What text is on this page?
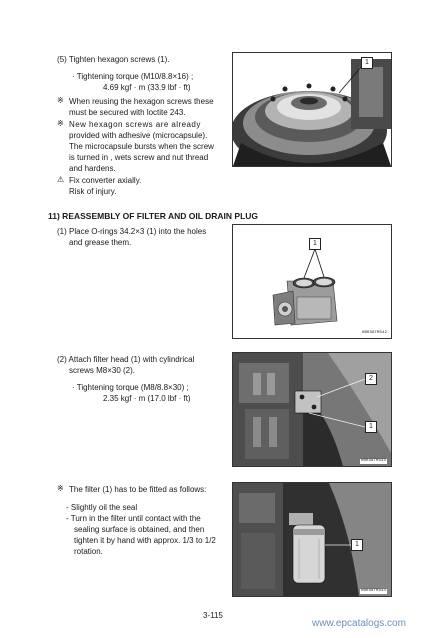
(5) Tighten hexagon screws (1).
· Tightening torque (M10/8.8×16) ;
4.69 kgf · m (33.9 lbf · ft)
※ When reusing the hexagon screws these
must be secured with loctite 243.
※ New hexagon screws are already
provided with adhesive (microcapsule).
The microcapsule bursts when the screw
is turned in , wets screw and nut thread
and hardens.
⚠ Fix converter axially.
Risk of injury.
1
HBR38TM341
11) REASSEMBLY OF FILTER AND OIL DRAIN PLUG
(1) Place O-rings 34.2×3 (1) into the holes
and grease them.	1
HBR38TM342
(2) Attach filter head (1) with cylindrical
screws M8×30 (2).
· Tightening torque (M8/8.8×30) ;
2.35 kgf · m (17.0 lbf · ft)
2
1
HBR38TM343
※ The filter (1) has to be fitted as follows:
- Slightly oil the seal
- Turn in the filter until contact with the
sealing surface is obtained, and then
tighten it by hand with approx. 1/3 to 1/2
rotation.
1
HBR38TM344
3-115
www.epcatalogs.com
